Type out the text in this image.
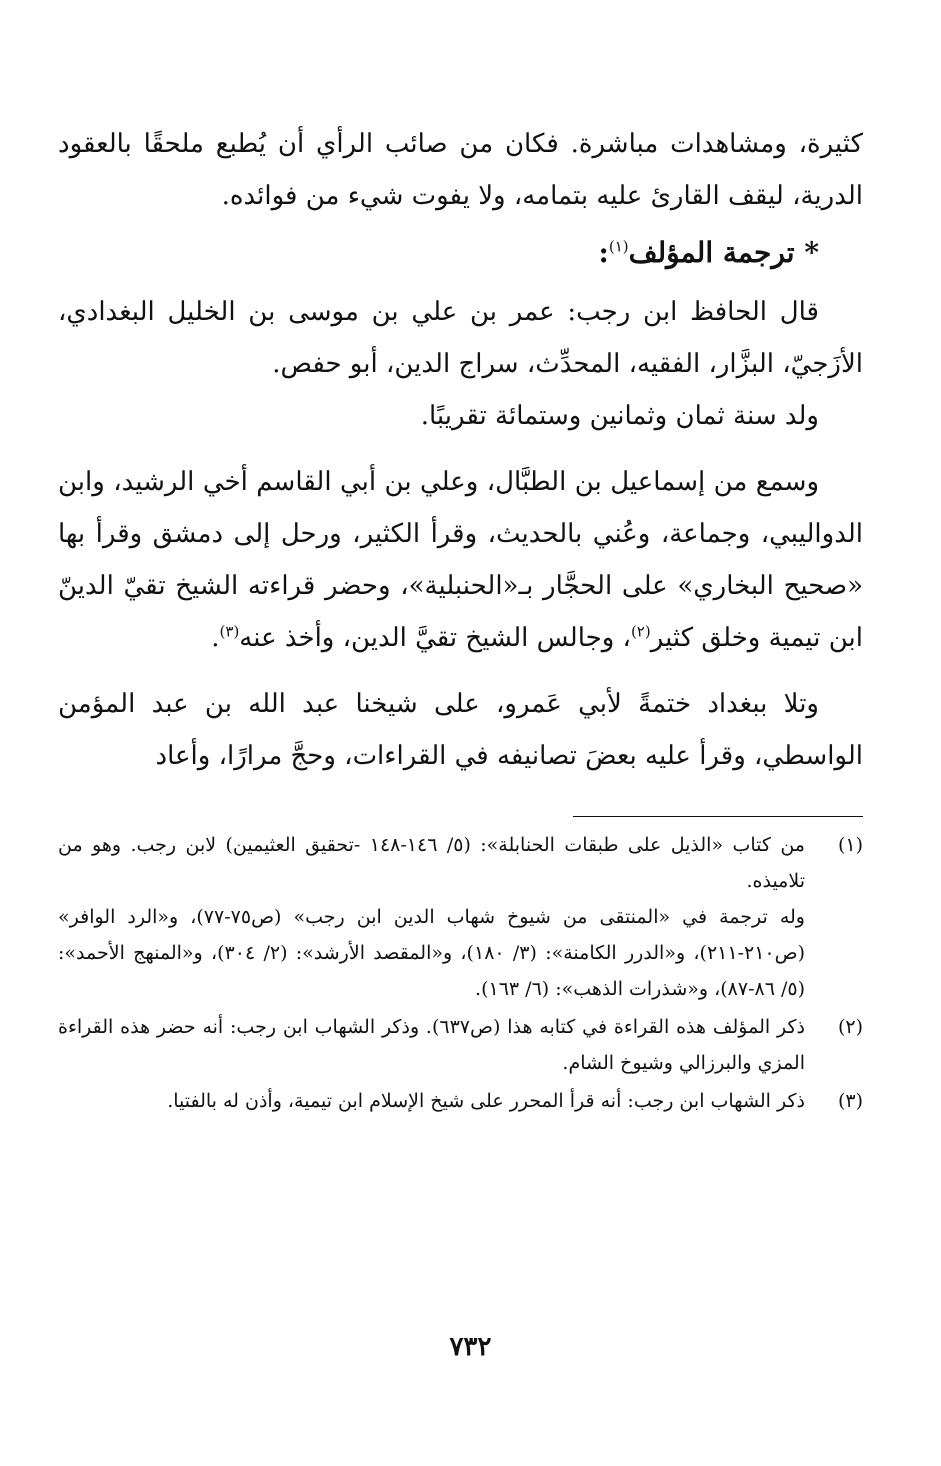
كثيرة، ومشاهدات مباشرة. فكان من صائب الرأي أن يُطبع ملحقًا بالعقود الدرية، ليقف القارئ عليه بتمامه، ولا يفوت شيء من فوائده.

* ترجمة المؤلف$^{(١)}$:

قال الحافظ ابن رجب: عمر بن علي بن موسى بن الخليل البغدادي، الأزَجيّ، البزَّار، الفقيه، المحدِّث، سراج الدين، أبو حفص.

ولد سنة ثمان وثمانين وستمائة تقريبًا.

وسمع من إسماعيل بن الطبَّال، وعلي بن أبي القاسم أخي الرشيد، وابن الدواليبي، وجماعة، وعُني بالحديث، وقرأ الكثير، ورحل إلى دمشق وقرأ بها «صحيح البخاري» على الحجَّار بـ«الحنبلية»، وحضر قراءته الشيخ تقيّ الدينّ ابن تيمية وخلق كثير$^{(٢)}$، وجالس الشيخ تقيَّ الدين، وأخذ عنه$^{(٣)}$.

وتلا ببغداد ختمةً لأبي عَمرو، على شيخنا عبد الله بن عبد المؤمن الواسطي، وقرأ عليه بعضَ تصانيفه في القراءات، وحجَّ مرارًا، وأعاد

(١)
من كتاب «الذيل على طبقات الحنابلة»: (٥/ ١٤٦-١٤٨ -تحقيق العثيمين) لابن رجب. وهو من تلاميذه.
وله ترجمة في «المنتقى من شيوخ شهاب الدين ابن رجب» (ص٧٥-٧٧)، و«الرد الوافر» (ص٢١٠-٢١١)، و«الدرر الكامنة»: (٣/ ١٨٠)، و«المقصد الأرشد»: (٢/ ٣٠٤)، و«المنهج الأحمد»: (٥/ ٨٦-٨٧)، و«شذرات الذهب»: (٦/ ١٦٣).
(٢)
ذكر المؤلف هذه القراءة في كتابه هذا (ص٦٣٧). وذكر الشهاب ابن رجب: أنه حضر هذه القراءة المزي والبرزالي وشيوخ الشام.
(٣)
ذكر الشهاب ابن رجب: أنه قرأ المحرر على شيخ الإسلام ابن تيمية، وأذن له بالفتيا.
٧٣٢
